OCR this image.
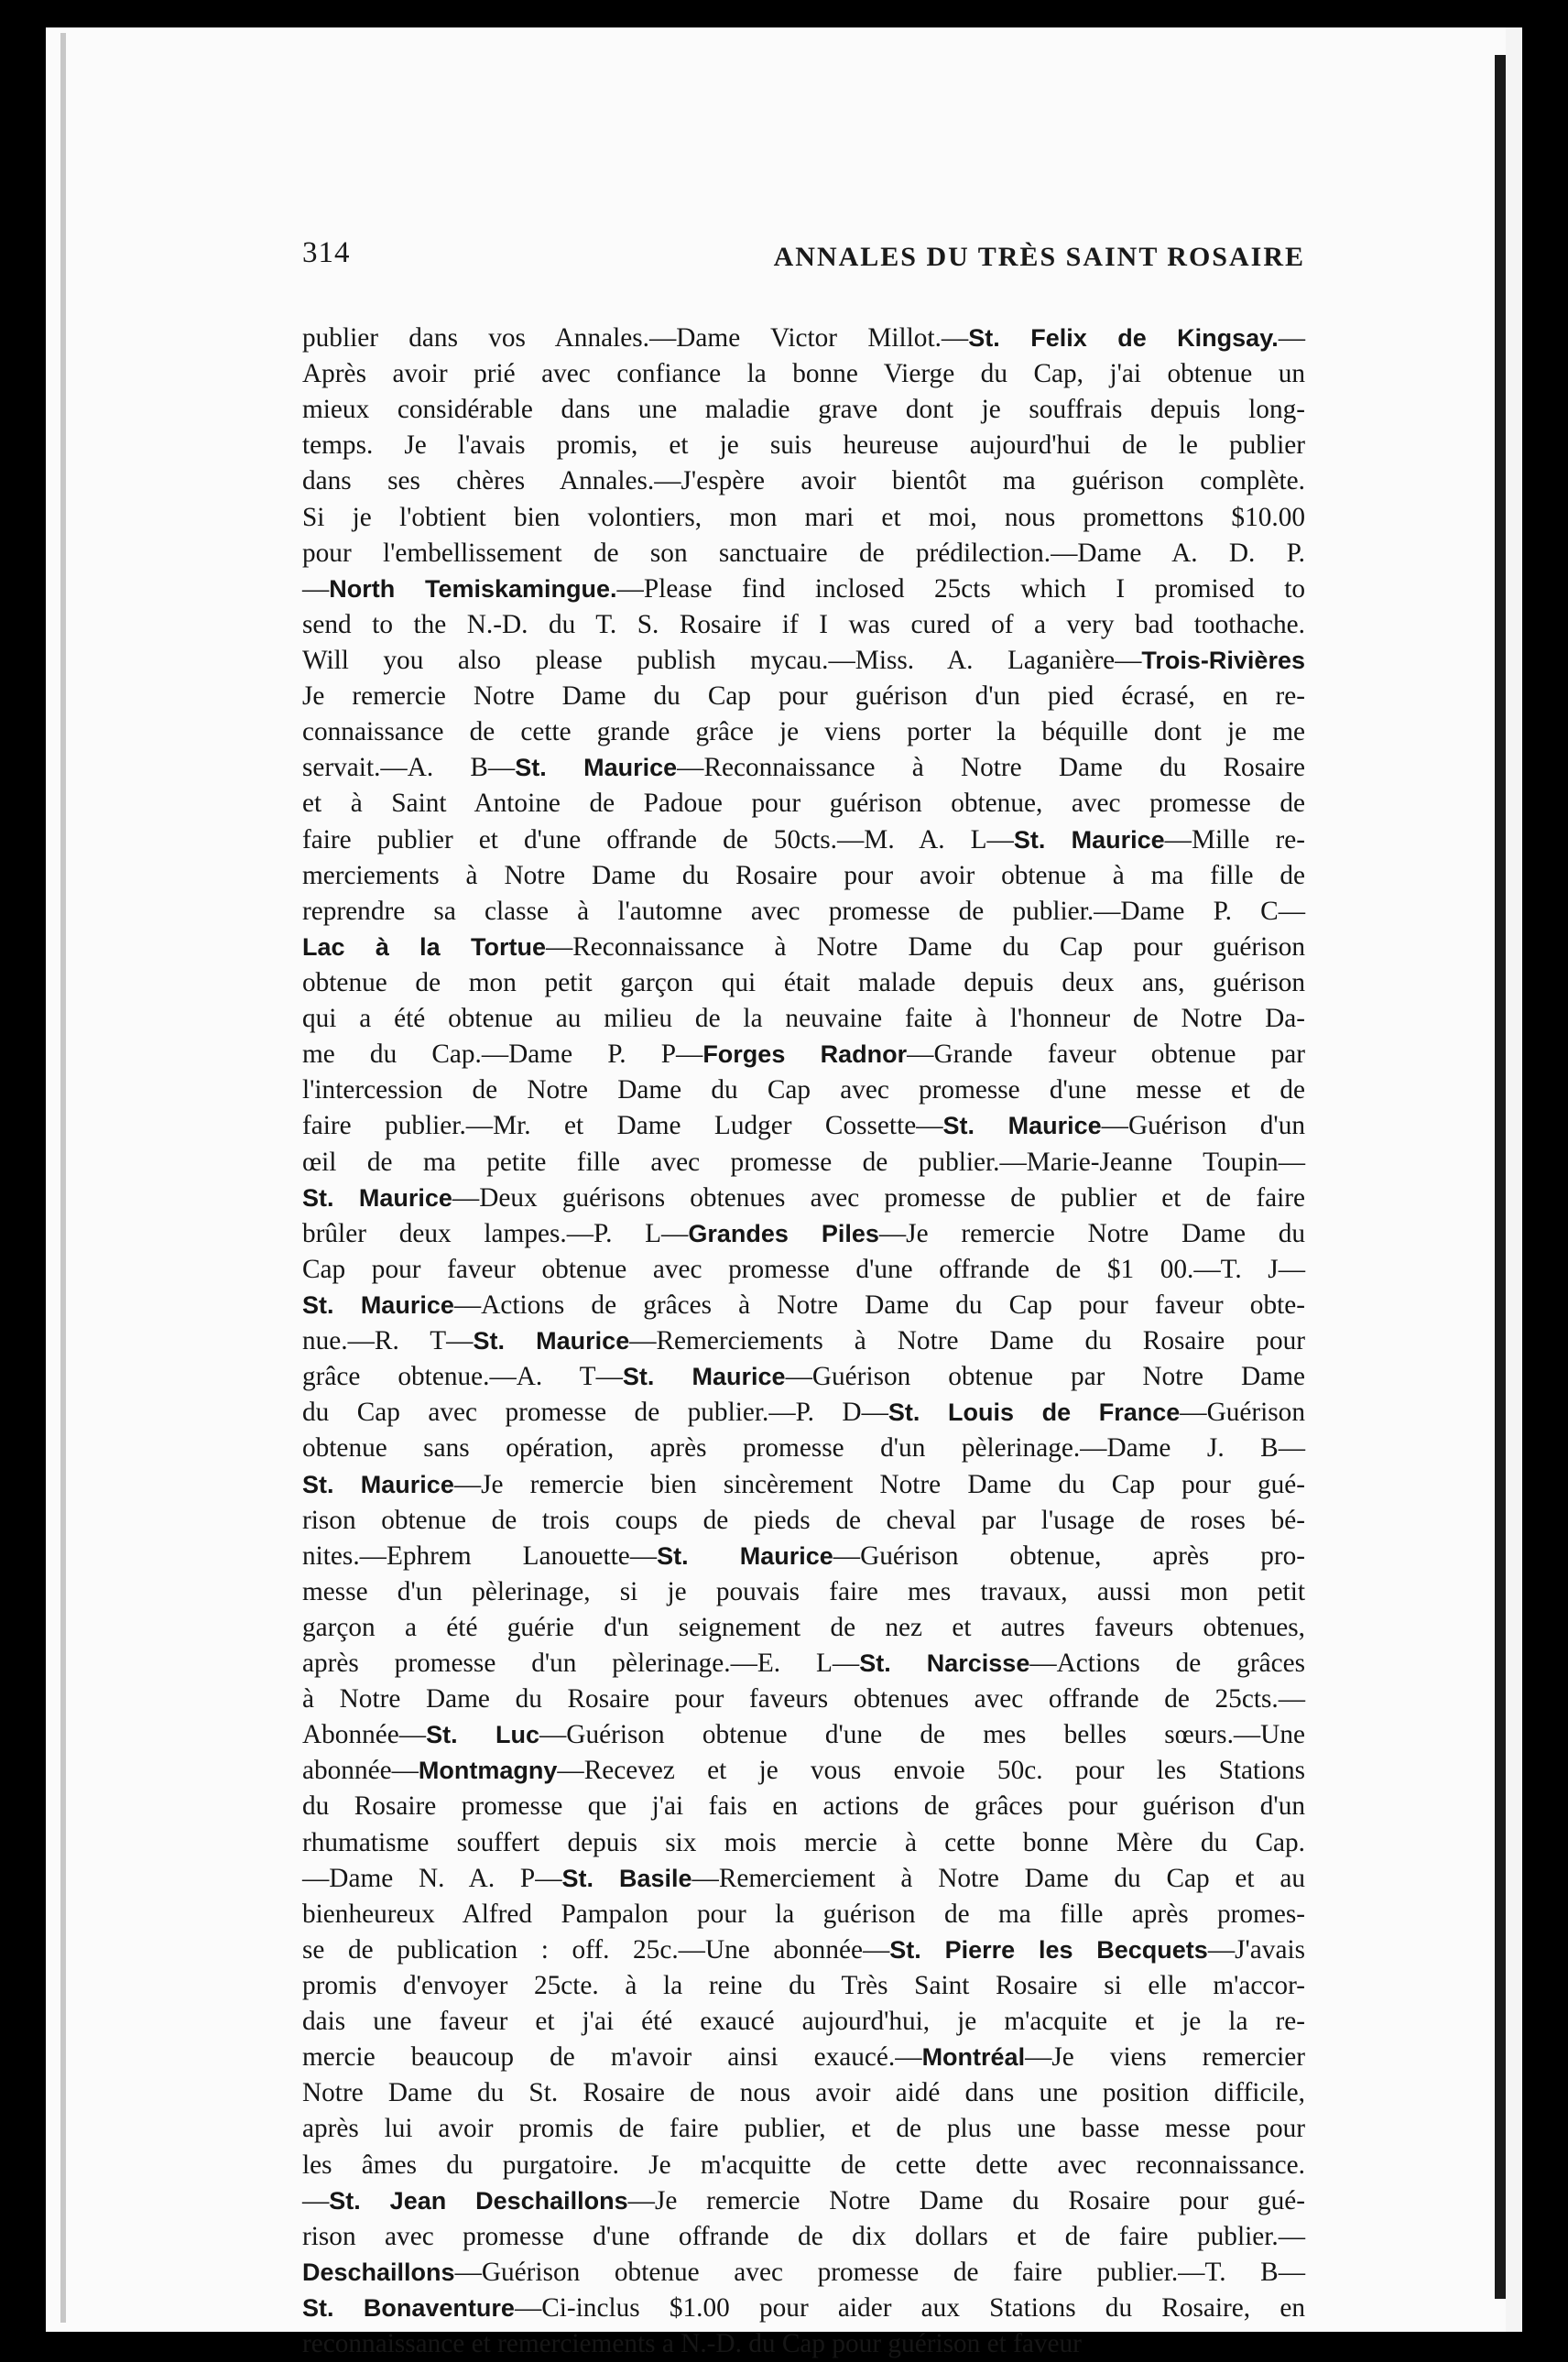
314	ANNALES DU TRÈS SAINT ROSAIRE
publier dans vos Annales.—Dame Victor Millot.—St. Felix de Kingsay.—
Après avoir prié avec confiance la bonne Vierge du Cap, j'ai obtenue un
mieux considérable dans une maladie grave dont je souffrais depuis long-
temps. Je l'avais promis, et je suis heureuse aujourd'hui de le publier
dans ses chères Annales.—J'espère avoir bientôt ma guérison complète.
Si je l'obtient bien volontiers, mon mari et moi, nous promettons $10.00
pour l'embellissement de son sanctuaire de prédilection.—Dame A. D. P.
—North Temiskamingue.—Please find inclosed 25cts which I promised to
send to the N.-D. du T. S. Rosaire if I was cured of a very bad toothache.
Will you also please publish mycau.—Miss. A. Laganière—Trois-Rivières
Je remercie Notre Dame du Cap pour guérison d'un pied écrasé, en re-
connaissance de cette grande grâce je viens porter la béquille dont je me
servait.—A. B—St. Maurice—Reconnaissance à Notre Dame du Rosaire
et à Saint Antoine de Padoue pour guérison obtenue, avec promesse de
faire publier et d'une offrande de 50cts.—M. A. L—St. Maurice—Mille re-
merciements à Notre Dame du Rosaire pour avoir obtenue à ma fille de
reprendre sa classe à l'automne avec promesse de publier.—Dame P. C—
Lac à la Tortue—Reconnaissance à Notre Dame du Cap pour guérison
obtenue de mon petit garçon qui était malade depuis deux ans, guérison
qui a été obtenue au milieu de la neuvaine faite à l'honneur de Notre Da-
me du Cap.—Dame P. P—Forges Radnor—Grande faveur obtenue par
l'intercession de Notre Dame du Cap avec promesse d'une messe et de
faire publier.—Mr. et Dame Ludger Cossette—St. Maurice—Guérison d'un
œil de ma petite fille avec promesse de publier.—Marie-Jeanne Toupin—
St. Maurice—Deux guérisons obtenues avec promesse de publier et de faire
brûler deux lampes.—P. L—Grandes Piles—Je remercie Notre Dame du
Cap pour faveur obtenue avec promesse d'une offrande de $1 00.—T. J—
St. Maurice—Actions de grâces à Notre Dame du Cap pour faveur obte-
nue.—R. T—St. Maurice—Remerciements à Notre Dame du Rosaire pour
grâce obtenue.—A. T—St. Maurice—Guérison obtenue par Notre Dame
du Cap avec promesse de publier.—P. D—St. Louis de France—Guérison
obtenue sans opération, après promesse d'un pèlerinage.—Dame J. B—
St. Maurice—Je remercie bien sincèrement Notre Dame du Cap pour gué-
rison obtenue de trois coups de pieds de cheval par l'usage de roses bé-
nites.—Ephrem Lanouette—St. Maurice—Guérison obtenue, après pro-
messe d'un pèlerinage, si je pouvais faire mes travaux, aussi mon petit
garçon a été guérie d'un seignement de nez et autres faveurs obtenues,
après promesse d'un pèlerinage.—E. L—St. Narcisse—Actions de grâces
à Notre Dame du Rosaire pour faveurs obtenues avec offrande de 25cts.—
Abonnée—St. Luc—Guérison obtenue d'une de mes belles sœurs.—Une
abonnée—Montmagny—Recevez et je vous envoie 50c. pour les Stations
du Rosaire promesse que j'ai fais en actions de grâces pour guérison d'un
rhumatisme souffert depuis six mois mercie à cette bonne Mère du Cap.
—Dame N. A. P—St. Basile—Remerciement à Notre Dame du Cap et au
bienheureux Alfred Pampalon pour la guérison de ma fille après promes-
se de publication : off. 25c.—Une abonnée—St. Pierre les Becquets—J'avais
promis d'envoyer 25cte. à la reine du Très Saint Rosaire si elle m'accor-
dais une faveur et j'ai été exaucé aujourd'hui, je m'acquite et je la re-
mercie beaucoup de m'avoir ainsi exaucé.—Montréal—Je viens remercier
Notre Dame du St. Rosaire de nous avoir aidé dans une position difficile,
après lui avoir promis de faire publier, et de plus une basse messe pour
les âmes du purgatoire. Je m'acquitte de cette dette avec reconnaissance.
—St. Jean Deschaillons—Je remercie Notre Dame du Rosaire pour gué-
rison avec promesse d'une offrande de dix dollars et de faire publier.—
Deschaillons—Guérison obtenue avec promesse de faire publier.—T. B—
St. Bonaventure—Ci-inclus $1.00 pour aider aux Stations du Rosaire, en
reconnaissance et remerciements a N.-D. du Cap pour guérison et faveur
